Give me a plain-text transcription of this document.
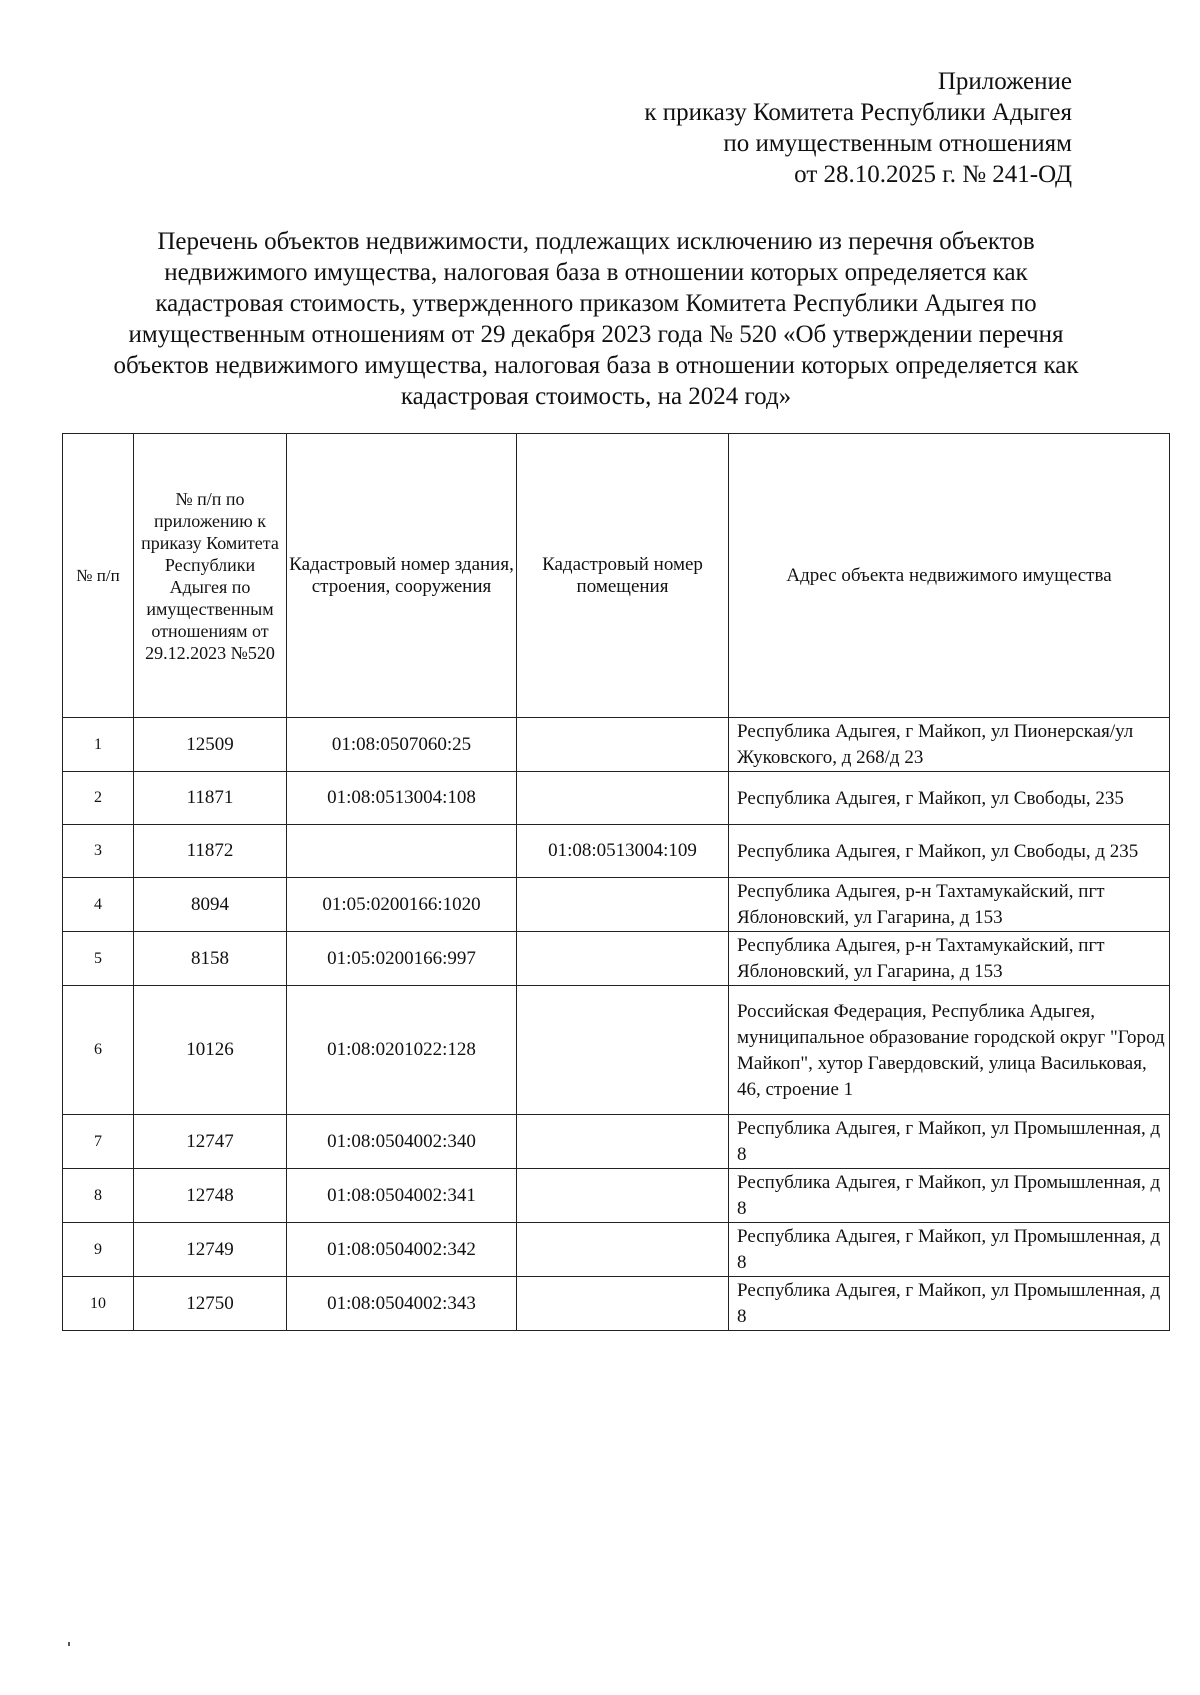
Приложение
к приказу Комитета Республики Адыгея
по имущественным отношениям
от 28.10.2025 г. № 241-ОД
Перечень объектов недвижимости, подлежащих исключению из перечня объектов
недвижимого имущества, налоговая база в отношении которых определяется как
кадастровая стоимость, утвержденного приказом Комитета Республики Адыгея по
имущественным отношениям от 29 декабря 2023 года № 520 «Об утверждении перечня
объектов недвижимого имущества, налоговая база в отношении которых определяется как
кадастровая стоимость, на 2024 год»
№ п/п	№ п/п по приложению к приказу Комитета Республики Адыгея по имущественным отношениям от 29.12.2023 №520	Кадастровый номер здания, строения, сооружения	Кадастровый номер помещения	Адрес объекта недвижимого имущества
1	12509	01:08:0507060:25		Республика Адыгея, г Майкоп, ул Пионерская/ул Жуковского, д 268/д 23
2	11871	01:08:0513004:108		Республика Адыгея, г Майкоп, ул Свободы, 235
3	11872		01:08:0513004:109	Республика Адыгея, г Майкоп, ул Свободы, д 235
4	8094	01:05:0200166:1020		Республика Адыгея, р-н Тахтамукайский, пгт Яблоновский, ул Гагарина, д 153
5	8158	01:05:0200166:997		Республика Адыгея, р-н Тахтамукайский, пгт Яблоновский, ул Гагарина, д 153
6	10126	01:08:0201022:128		Российская Федерация, Республика Адыгея, муниципальное образование городской округ "Город Майкоп", хутор Гавердовский, улица Васильковая, 46, строение 1
7	12747	01:08:0504002:340		Республика Адыгея, г Майкоп, ул Промышленная, д 8
8	12748	01:08:0504002:341		Республика Адыгея, г Майкоп, ул Промышленная, д 8
9	12749	01:08:0504002:342		Республика Адыгея, г Майкоп, ул Промышленная, д 8
10	12750	01:08:0504002:343		Республика Адыгея, г Майкоп, ул Промышленная, д 8
